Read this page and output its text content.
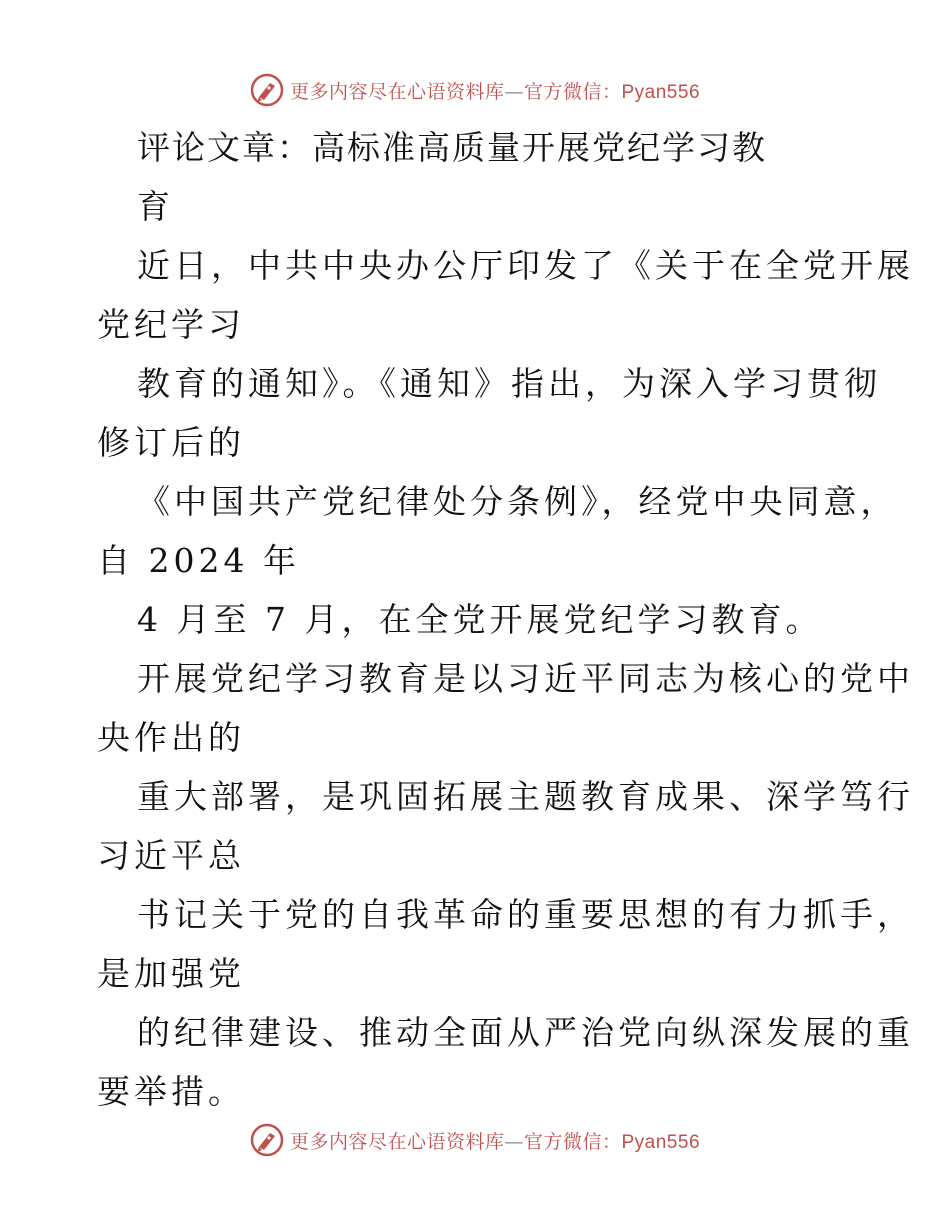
更多内容尽在心语资料库—官方微信：Pyan556
评论文章：高标准高质量开展党纪学习教
育
近日，中共中央办公厅印发了《关于在全党开展
党纪学习
教育的通知》。《通知》指出，为深入学习贯彻
修订后的
《中国共产党纪律处分条例》，经党中央同意，
自 2024 年
4 月至 7 月，在全党开展党纪学习教育。
开展党纪学习教育是以习近平同志为核心的党中
央作出的
重大部署，是巩固拓展主题教育成果、深学笃行
习近平总
书记关于党的自我革命的重要思想的有力抓手，
是加强党
的纪律建设、推动全面从严治党向纵深发展的重
要举措。
更多内容尽在心语资料库—官方微信：Pyan556
